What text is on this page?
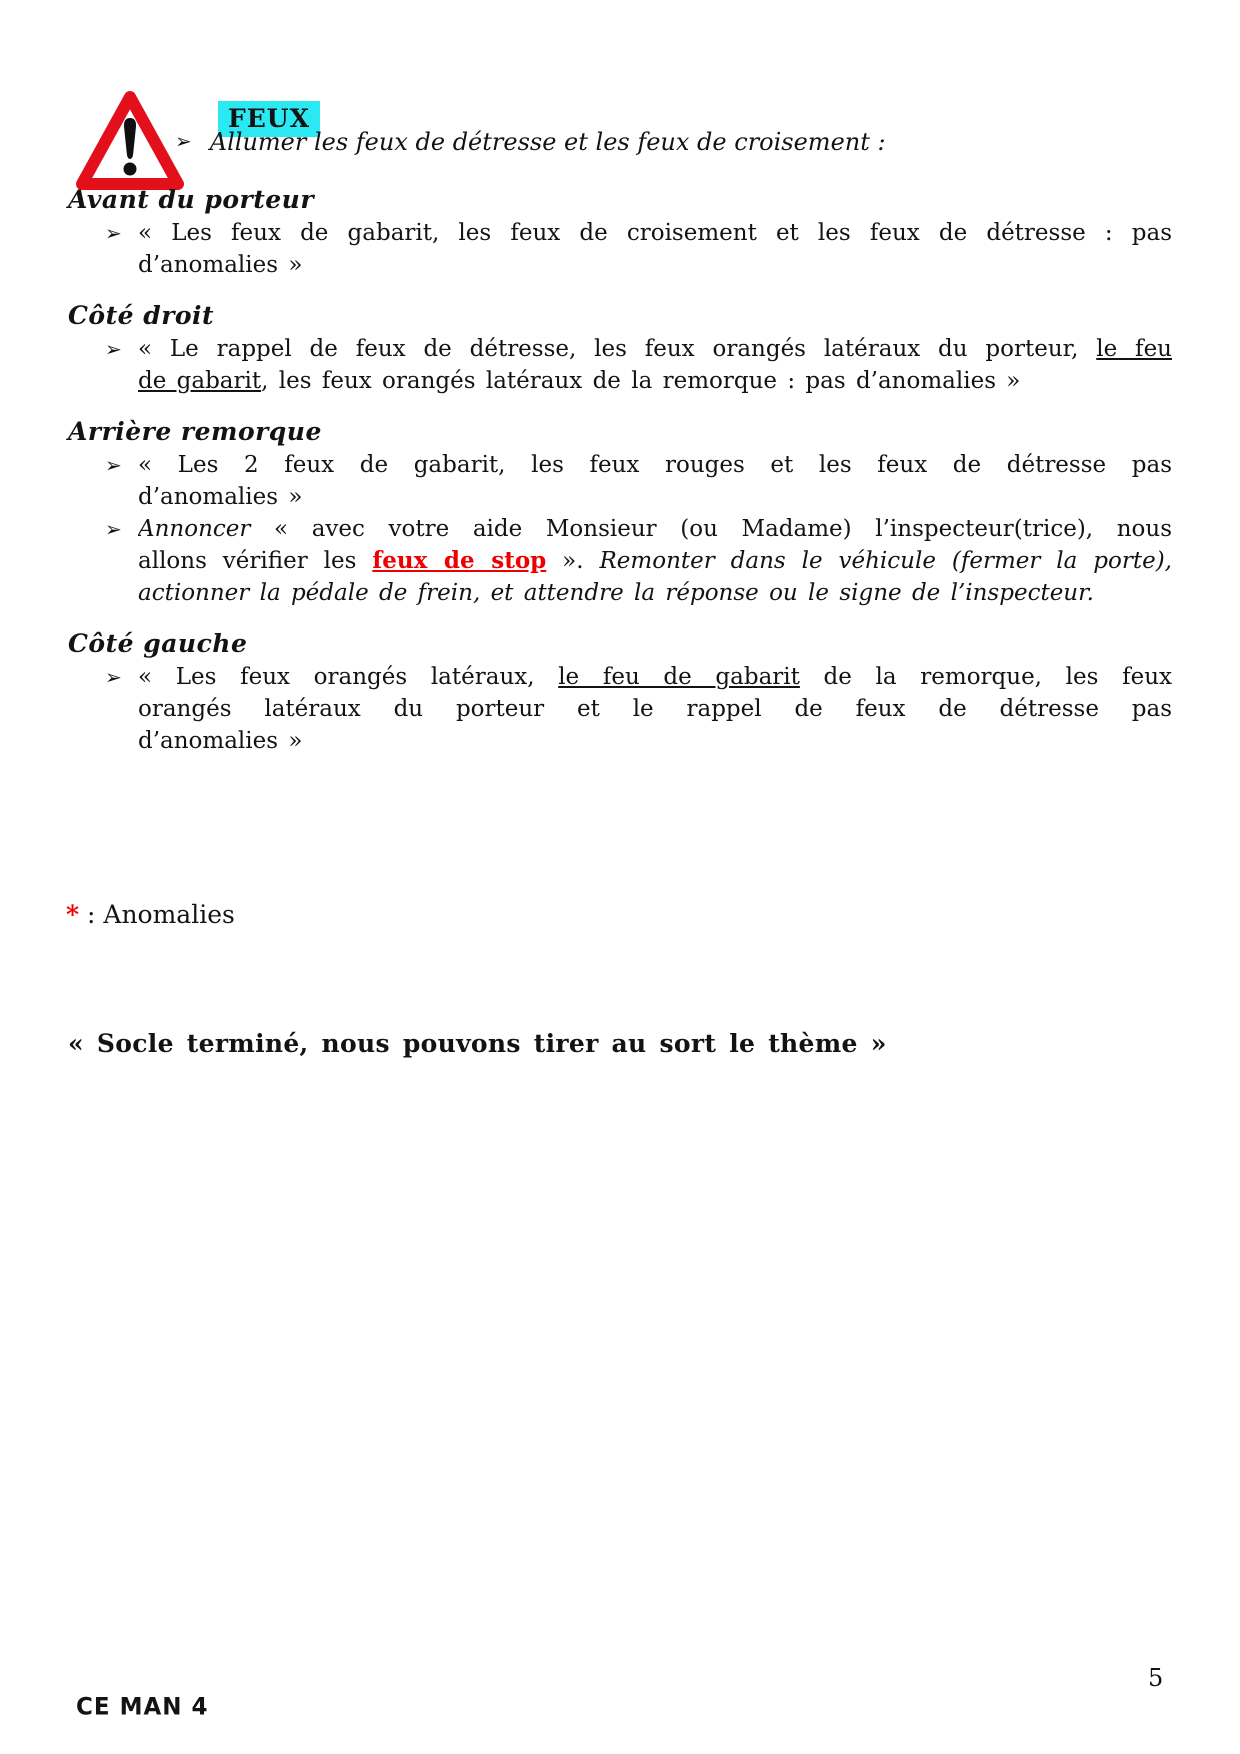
FEUX
➢ Allumer les feux de détresse et les feux de croisement :
Avant du porteur
➢ « Les feux de gabarit, les feux de croisement et les feux de détresse : pas
d’anomalies »
Côté droit
➢ « Le rappel de feux de détresse, les feux orangés latéraux du porteur, le feu
de gabarit, les feux orangés latéraux de la remorque : pas d’anomalies »
Arrière remorque
➢ « Les 2 feux de gabarit, les feux rouges et les feux de détresse pas
d’anomalies »
➢ Annoncer « avec votre aide Monsieur (ou Madame) l’inspecteur(trice), nous
allons vérifier les feux de stop ». Remonter dans le véhicule (fermer la porte),
actionner la pédale de frein, et attendre la réponse ou le signe de l’inspecteur.
Côté gauche
➢ « Les feux orangés latéraux, le feu de gabarit de la remorque, les feux
orangés latéraux du porteur et le rappel de feux de détresse pas
d’anomalies »
* : Anomalies
« Socle terminé, nous pouvons tirer au sort le thème »
CE MAN 4
5
